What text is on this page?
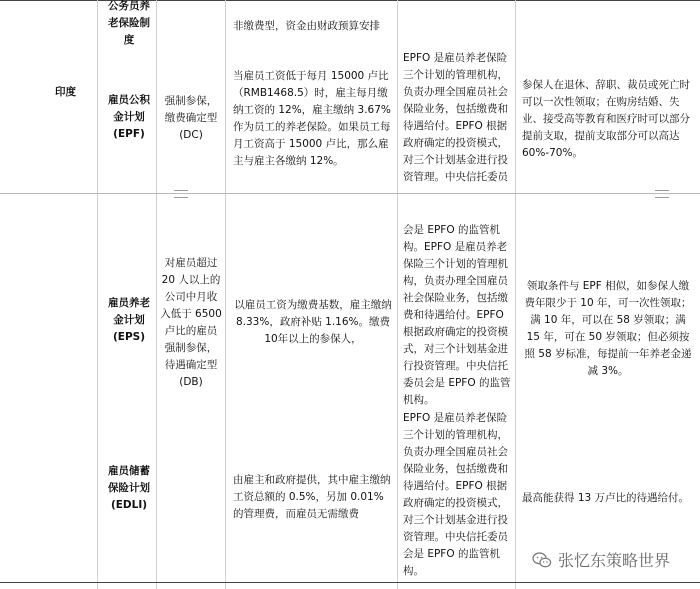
印度
公务员养老保险制度
非缴费型，资金由财政预算安排
雇员公积金计划(EPF)
强制参保，缴费确定型(DC)
当雇员工资低于每月 15000 卢比（RMB1468.5）时，雇主每月缴纳工资的 12%，雇主缴纳 3.67%作为员工的养老保险。如果员工每月工资高于 15000 卢比，那么雇主与雇主各缴纳 12%。
EPFO 是雇员养老保险三个计划的管理机构，负责办理全国雇员社会保险业务，包括缴费和待遇给付。EPFO 根据政府确定的投资模式，对三个计划基金进行投资管理。中央信托委员
参保人在退休、辞职、裁员或死亡时可以一次性领取；在购房结婚、失业、接受高等教育和医疗时可以部分提前支取，提前支取部分可以高达60%-70%。
雇员养老金计划(EPS)
对雇员超过 20 人以上的公司中月收入低于 6500 卢比的雇员强制参保，待遇确定型(DB)
以雇员工资为缴费基数，雇主缴纳8.33%，政府补贴 1.16%。缴费 10年以上的参保人，
会是 EPFO 的监管机构。EPFO 是雇员养老保险三个计划的管理机构，负责办理全国雇员社会保险业务，包括缴费和待遇给付。EPFO 根据政府确定的投资模式，对三个计划基金进行投资管理。中央信托委员会是 EPFO 的监管机构。
领取条件与 EPF 相似，如参保人缴费年限少于 10 年，可一次性领取；满 10 年，可以在 58 岁领取；满 15 年，可在 50 岁领取；但必须按照 58 岁标准，每提前一年养老金递减 3%。
雇员储蓄保险计划(EDLI)
由雇主和政府提供，其中雇主缴纳工资总额的 0.5%，另加 0.01%的管理费，而雇员无需缴费
EPFO 是雇员养老保险三个计划的管理机构，负责办理全国雇员社会保险业务，包括缴费和待遇给付。EPFO 根据政府确定的投资模式，对三个计划基金进行投资管理。中央信托委员会是 EPFO 的监管机构。
最高能获得 13 万卢比的待遇给付。
张忆东策略世界
